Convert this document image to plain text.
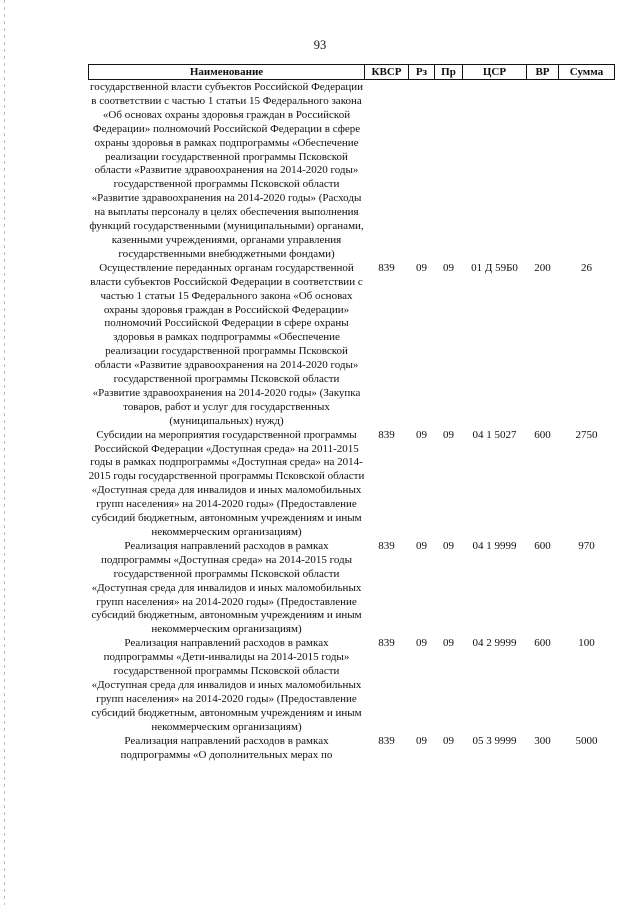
93
Наименование	КВСР	Рз	Пр	ЦСР	ВР	Сумма
государственной власти субъектов Российской Федерации в соответствии с частью 1 статьи 15 Федерального закона «Об основах охраны здоровья граждан в Российской Федерации» полномочий Российской Федерации в сфере охраны здоровья в рамках подпрограммы «Обеспечение реализации государственной программы Псковской области «Развитие здравоохранения на 2014-2020 годы» государственной программы Псковской области «Развитие здравоохранения на 2014-2020 годы» (Расходы на выплаты персоналу в целях обеспечения выполнения функций государственными (муниципальными) органами, казенными учреждениями, органами управления государственными внебюджетными фондами)						
Осуществление переданных органам государственной власти субъектов Российской Федерации в соответствии с частью 1 статьи 15 Федерального закона «Об основах охраны здоровья граждан в Российской Федерации» полномочий Российской Федерации в сфере охраны здоровья в рамках подпрограммы «Обеспечение реализации государственной программы Псковской области «Развитие здравоохранения на 2014-2020 годы» государственной программы Псковской области «Развитие здравоохранения на 2014-2020 годы» (Закупка товаров, работ и услуг для государственных (муниципальных) нужд)	839	09	09	01 Д 59Б0	200	26
Субсидии на мероприятия государственной программы Российской Федерации «Доступная среда» на 2011-2015 годы в рамках подпрограммы «Доступная среда» на 2014-2015 годы государственной программы Псковской области «Доступная среда для инвалидов и иных маломобильных групп населения» на 2014-2020 годы» (Предоставление субсидий бюджетным, автономным учреждениям и иным некоммерческим организациям)	839	09	09	04 1 5027	600	2750
Реализация направлений расходов в рамках подпрограммы «Доступная среда» на 2014-2015 годы государственной программы Псковской области «Доступная среда для инвалидов и иных маломобильных групп населения» на 2014-2020 годы» (Предоставление субсидий бюджетным, автономным учреждениям и иным некоммерческим организациям)	839	09	09	04 1 9999	600	970
Реализация направлений расходов в рамках подпрограммы «Дети-инвалиды на 2014-2015 годы» государственной программы Псковской области «Доступная среда для инвалидов и иных маломобильных групп населения» на 2014-2020 годы» (Предоставление субсидий бюджетным, автономным учреждениям и иным некоммерческим организациям)	839	09	09	04 2 9999	600	100
Реализация направлений расходов в рамках подпрограммы «О дополнительных мерах по	839	09	09	05 3 9999	300	5000
